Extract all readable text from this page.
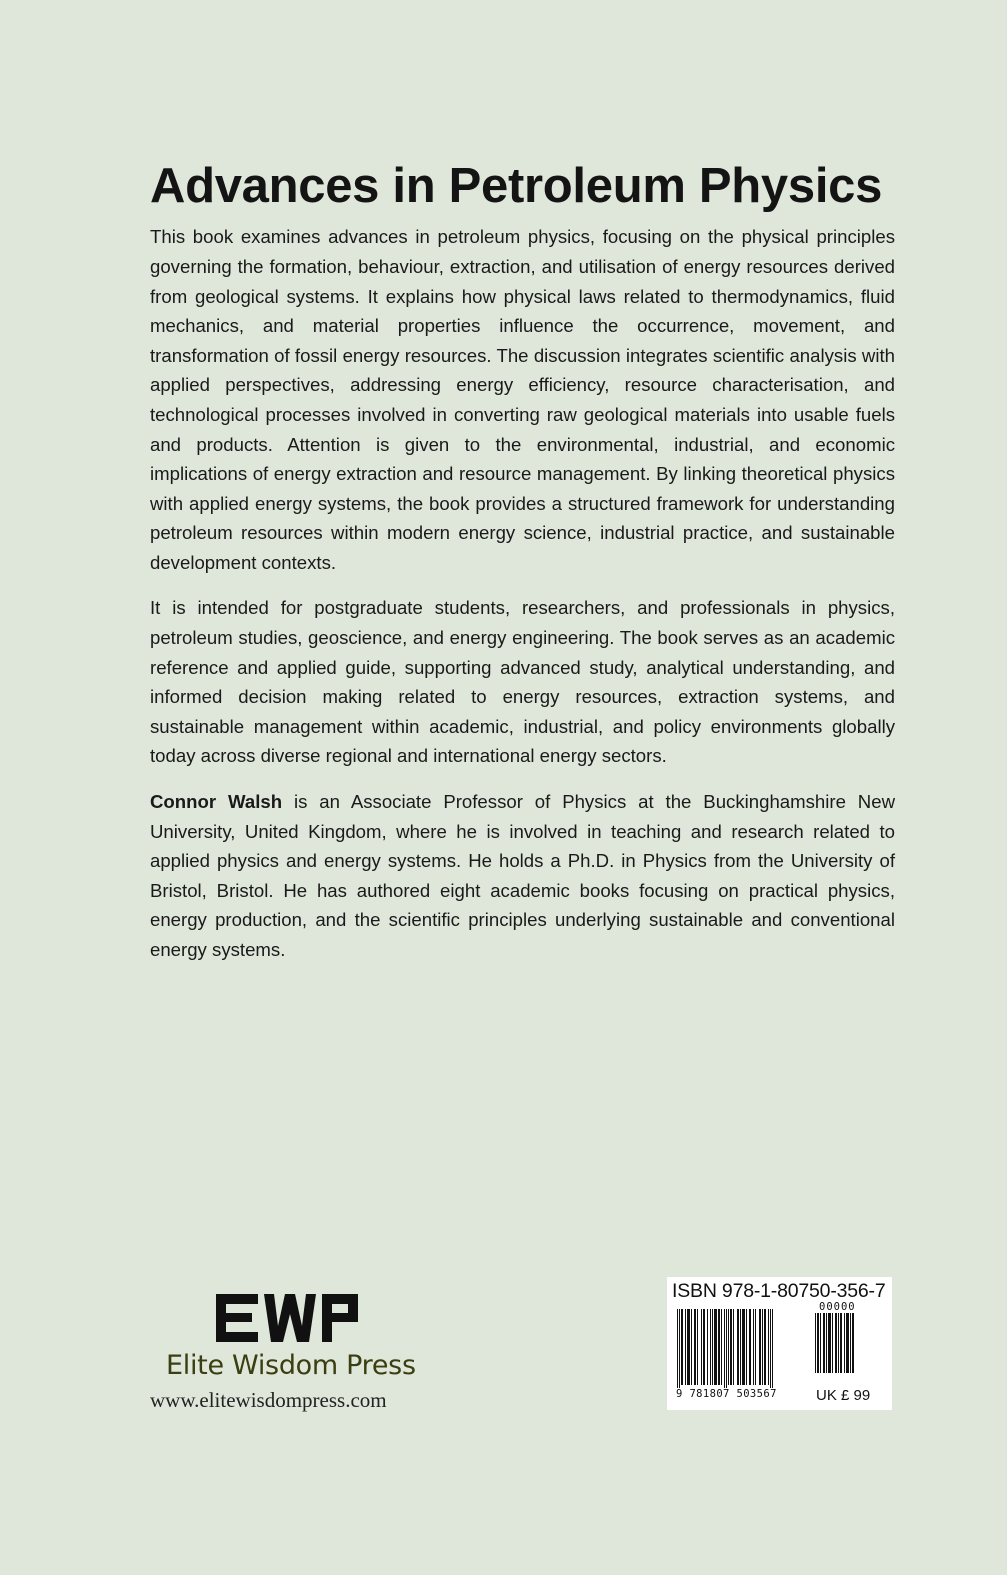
Advances in Petroleum Physics

This book examines advances in petroleum physics, focusing on the physical principles governing the formation, behaviour, extraction, and utilisation of energy resources derived from geological systems. It explains how physical laws related to thermodynamics, fluid mechanics, and material properties influence the occurrence, movement, and transformation of fossil energy resources. The discussion integrates scientific analysis with applied perspectives, addressing energy efficiency, resource characterisation, and technological processes involved in converting raw geological materials into usable fuels and products. Attention is given to the environmental, industrial, and economic implications of energy extraction and resource management. By linking theoretical physics with applied energy systems, the book provides a structured framework for understanding petroleum resources within modern energy science, industrial practice, and sustainable development contexts.

It is intended for postgraduate students, researchers, and professionals in physics, petroleum studies, geoscience, and energy engineering. The book serves as an academic reference and applied guide, supporting advanced study, analytical understanding, and informed decision making related to energy resources, extraction systems, and sustainable management within academic, industrial, and policy environments globally today across diverse regional and international energy sectors.

Connor Walsh is an Associate Professor of Physics at the Buckinghamshire New University, United Kingdom, where he is involved in teaching and research related to applied physics and energy systems. He holds a Ph.D. in Physics from the University of Bristol, Bristol. He has authored eight academic books focusing on practical physics, energy production, and the scientific principles underlying sustainable and conventional energy systems.

Elite Wisdom Press
www.elitewisdompress.com
ISBN 978-1-80750-356-7
00000
9 781807 503567	UK £ 99
